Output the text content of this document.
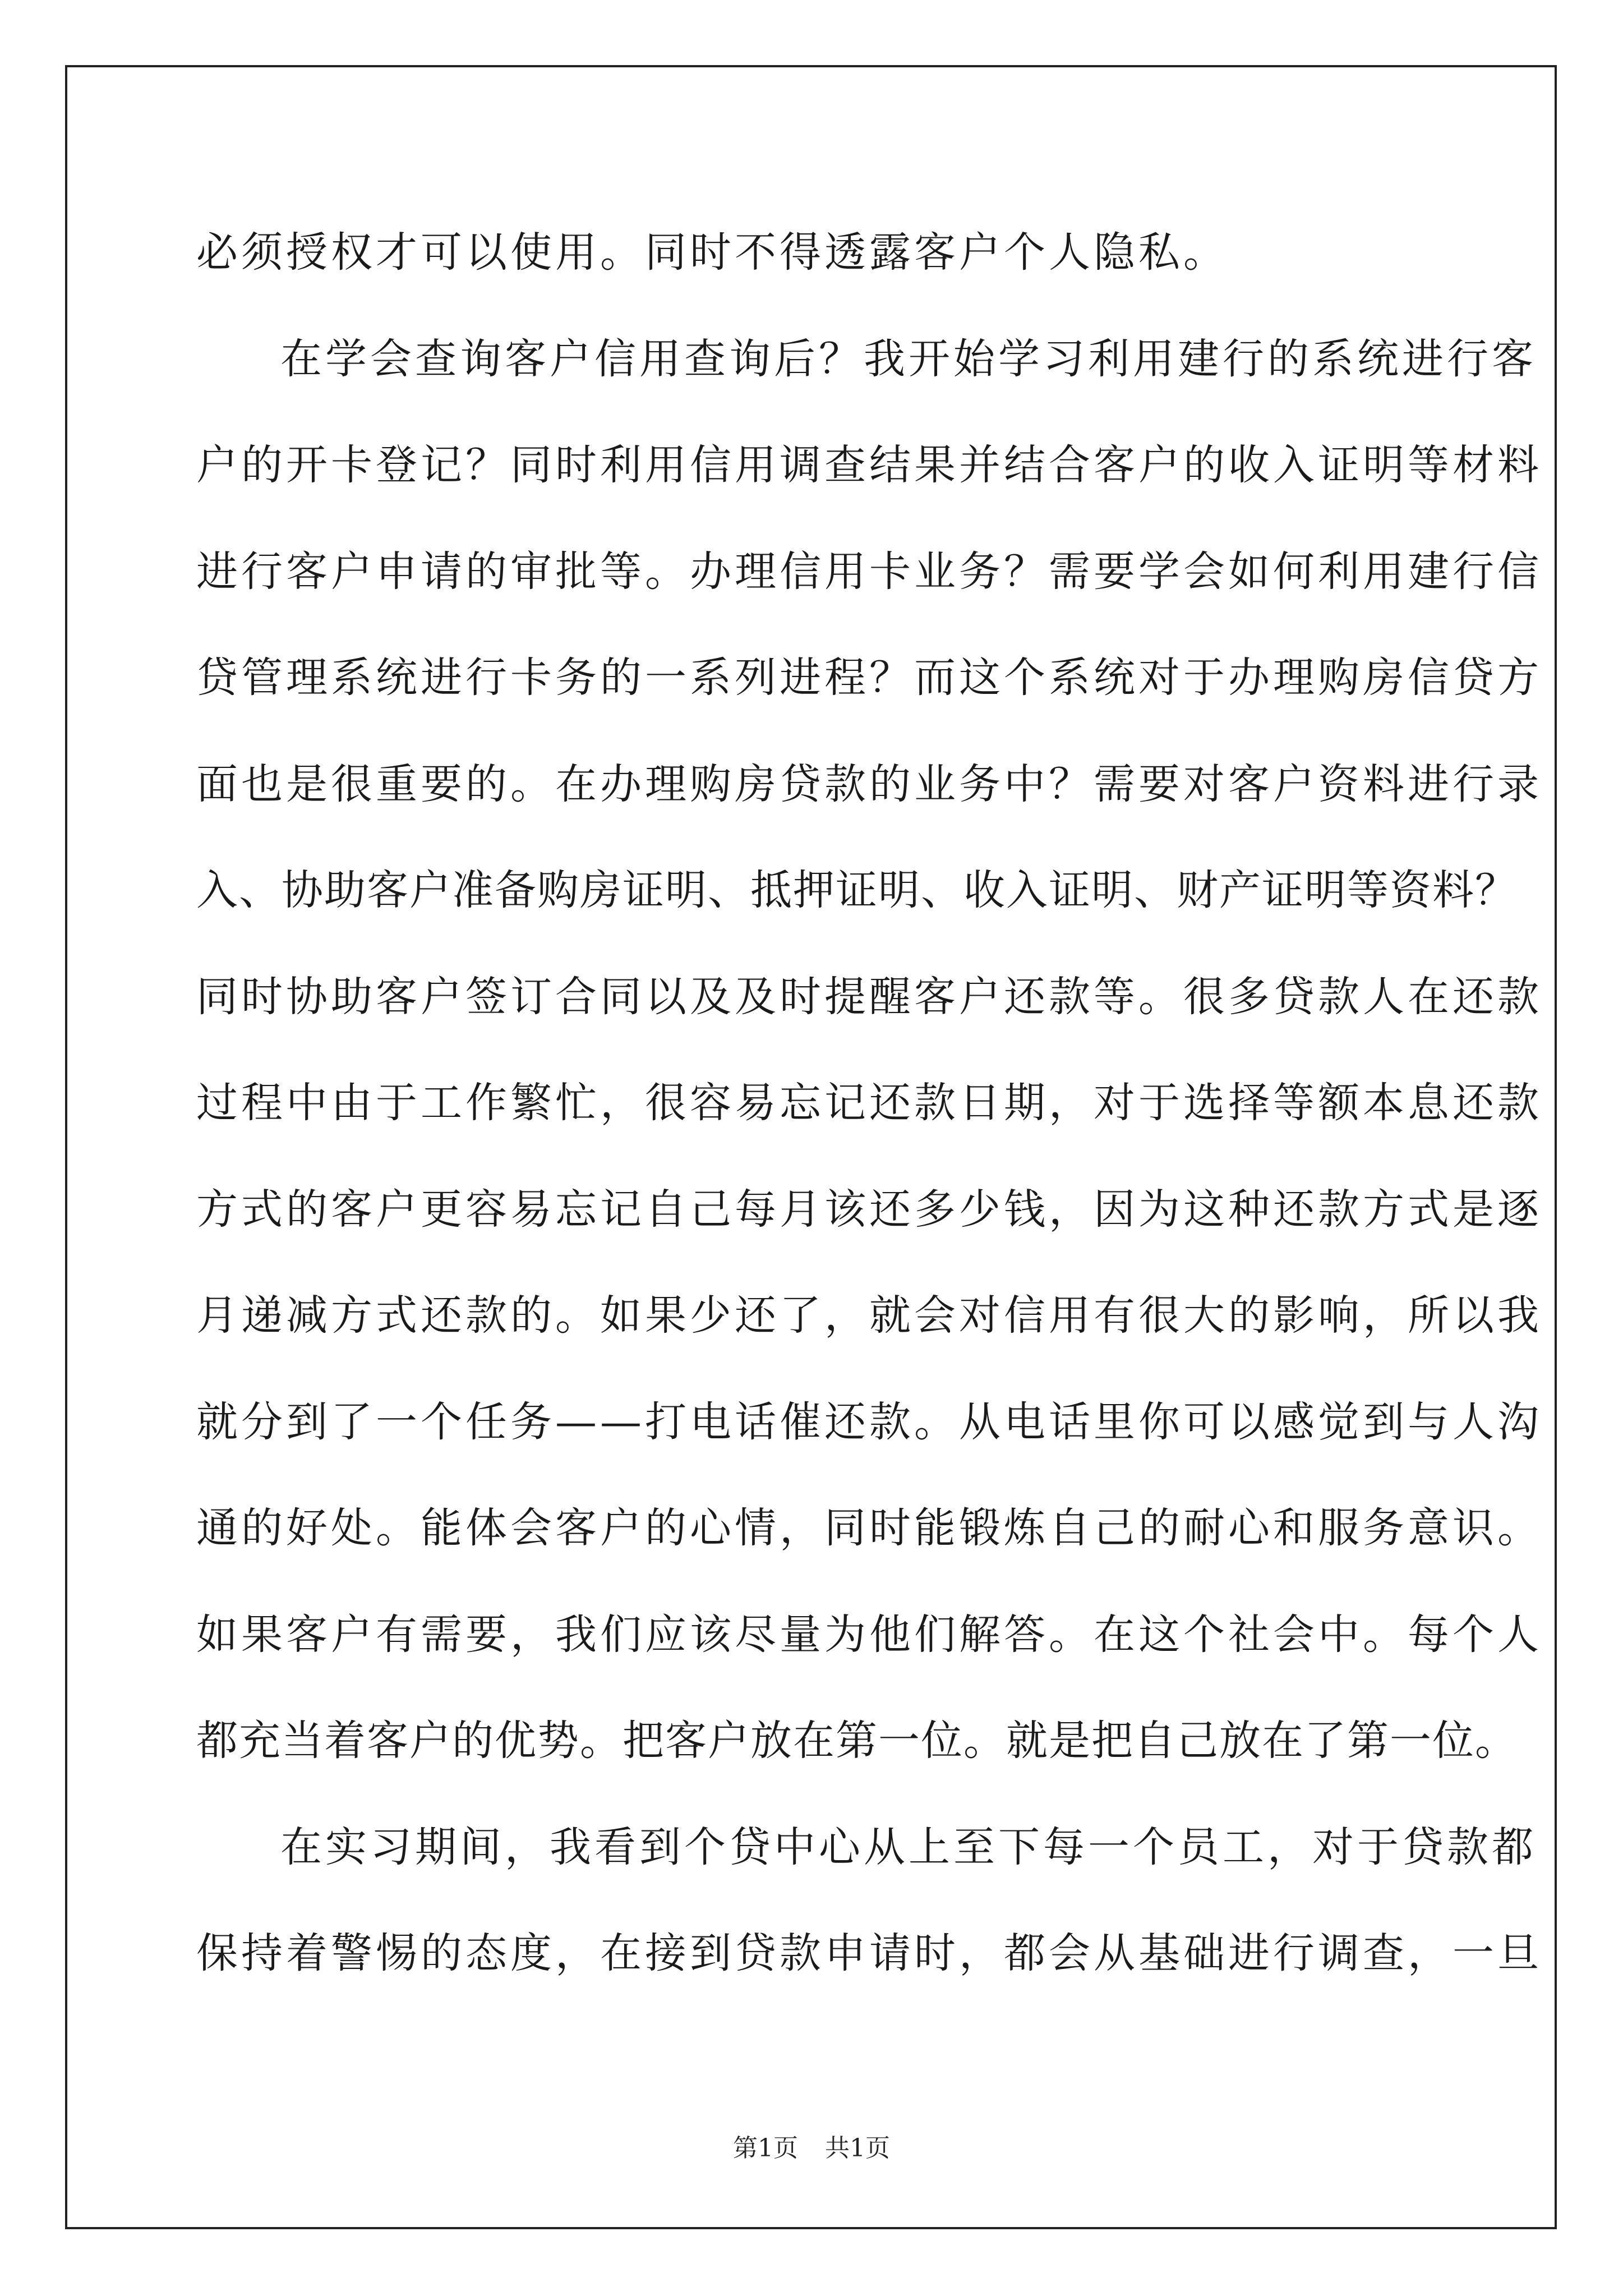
必须授权才可以使用。同时不得透露客户个人隐私。
在学会查询客户信用查询后？我开始学习利用建行的系统进行客
户的开卡登记？同时利用信用调查结果并结合客户的收入证明等材料
进行客户申请的审批等。办理信用卡业务？需要学会如何利用建行信
贷管理系统进行卡务的一系列进程？而这个系统对于办理购房信贷方
面也是很重要的。在办理购房贷款的业务中？需要对客户资料进行录
入、协助客户准备购房证明、抵押证明、收入证明、财产证明等资料？
同时协助客户签订合同以及及时提醒客户还款等。很多贷款人在还款
过程中由于工作繁忙，很容易忘记还款日期，对于选择等额本息还款
方式的客户更容易忘记自己每月该还多少钱，因为这种还款方式是逐
月递减方式还款的。如果少还了，就会对信用有很大的影响，所以我
就分到了一个任务——打电话催还款。从电话里你可以感觉到与人沟
通的好处。能体会客户的心情，同时能锻炼自己的耐心和服务意识。
如果客户有需要，我们应该尽量为他们解答。在这个社会中。每个人
都充当着客户的优势。把客户放在第一位。就是把自己放在了第一位。
在实习期间，我看到个贷中心从上至下每一个员工，对于贷款都
保持着警惕的态度，在接到贷款申请时，都会从基础进行调查，一旦
第1页 共1页
